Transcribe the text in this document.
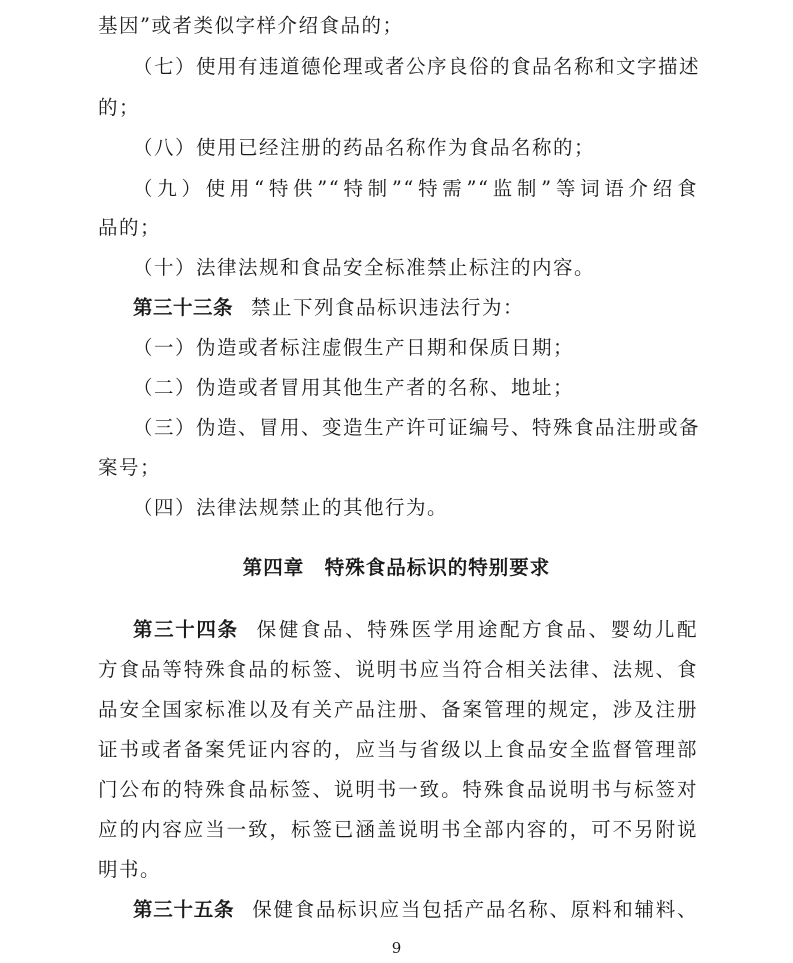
基因”或者类似字样介绍食品的；
（七）使用有违道德伦理或者公序良俗的食品名称和文字描述
的；
（八）使用已经注册的药品名称作为食品名称的；
（九）使用“特供”“特制”“特需”“监制”等词语介绍食
品的；
（十）法律法规和食品安全标准禁止标注的内容。
第三十三条 禁止下列食品标识违法行为：
（一）伪造或者标注虚假生产日期和保质日期；
（二）伪造或者冒用其他生产者的名称、地址；
（三）伪造、冒用、变造生产许可证编号、特殊食品注册或备
案号；
（四）法律法规禁止的其他行为。
第四章　特殊食品标识的特别要求
第三十四条 保健食品、特殊医学用途配方食品、婴幼儿配
方食品等特殊食品的标签、说明书应当符合相关法律、法规、食
品安全国家标准以及有关产品注册、备案管理的规定，涉及注册
证书或者备案凭证内容的，应当与省级以上食品安全监督管理部
门公布的特殊食品标签、说明书一致。特殊食品说明书与标签对
应的内容应当一致，标签已涵盖说明书全部内容的，可不另附说
明书。
第三十五条 保健食品标识应当包括产品名称、原料和辅料、
9
